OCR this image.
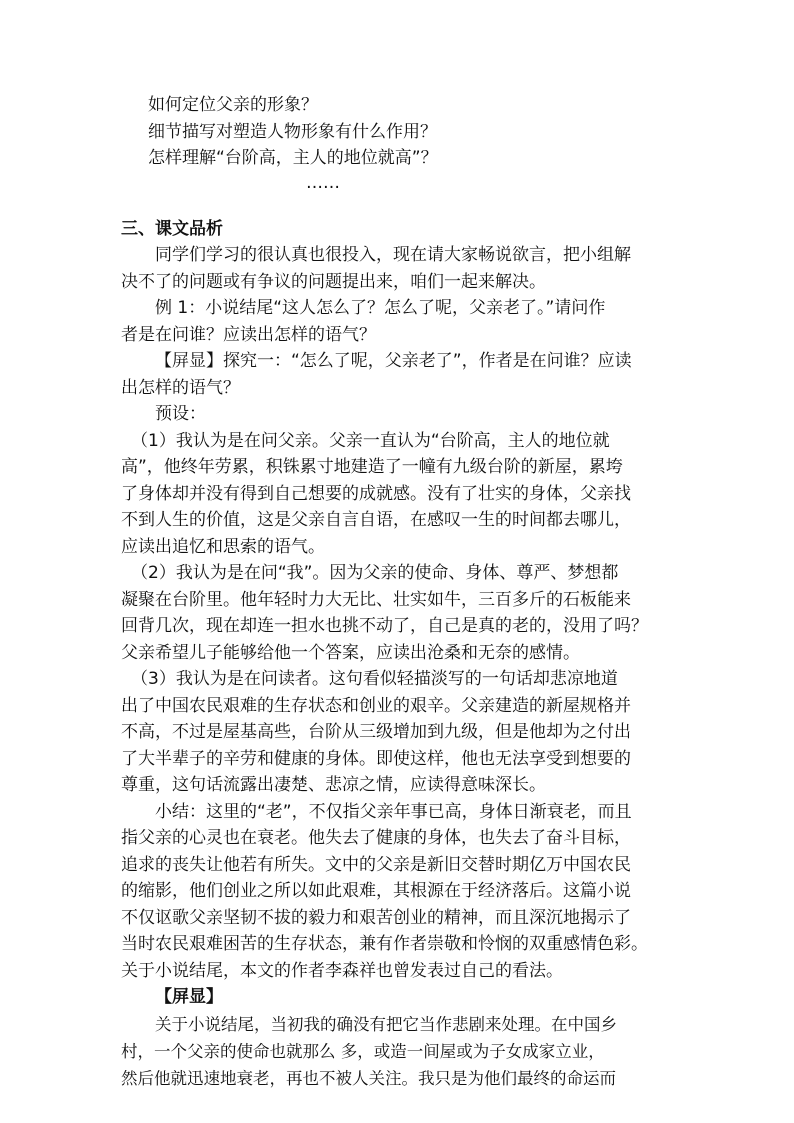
如何定位父亲的形象？

细节描写对塑造人物形象有什么作用？

怎样理解“台阶高，主人的地位就高”？

……

三、课文品析

同学们学习的很认真也很投入，现在请大家畅说欲言，把小组解

决不了的问题或有争议的问题提出来，咱们一起来解决。

例 1：小说结尾“这人怎么了？怎么了呢，父亲老了。”请问作

者是在问谁？应读出怎样的语气？

【屏显】探究一：“怎么了呢，父亲老了”，作者是在问谁？应读

出怎样的语气？

预设：

（1）我认为是在问父亲。父亲一直认为“台阶高，主人的地位就

高”，他终年劳累，积铢累寸地建造了一幢有九级台阶的新屋，累垮

了身体却并没有得到自己想要的成就感。没有了壮实的身体，父亲找

不到人生的价值，这是父亲自言自语，在感叹一生的时间都去哪儿，

应读出追忆和思索的语气。

（2）我认为是在问“我”。因为父亲的使命、身体、尊严、梦想都

凝聚在台阶里。他年轻时力大无比、壮实如牛，三百多斤的石板能来

回背几次，现在却连一担水也挑不动了，自己是真的老的，没用了吗？

父亲希望儿子能够给他一个答案，应读出沧桑和无奈的感情。

（3）我认为是在问读者。这句看似轻描淡写的一句话却悲凉地道

出了中国农民艰难的生存状态和创业的艰辛。父亲建造的新屋规格并

不高，不过是屋基高些，台阶从三级增加到九级，但是他却为之付出

了大半辈子的辛劳和健康的身体。即使这样，他也无法享受到想要的

尊重，这句话流露出凄楚、悲凉之情，应读得意味深长。

小结：这里的“老”，不仅指父亲年事已高，身体日渐衰老，而且

指父亲的心灵也在衰老。他失去了健康的身体，也失去了奋斗目标，

追求的丧失让他若有所失。文中的父亲是新旧交替时期亿万中国农民

的缩影，他们创业之所以如此艰难，其根源在于经济落后。这篇小说

不仅讴歌父亲坚韧不拔的毅力和艰苦创业的精神，而且深沉地揭示了

当时农民艰难困苦的生存状态，兼有作者崇敬和怜悯的双重感情色彩。

关于小说结尾，本文的作者李森祥也曾发表过自己的看法。

【屏显】

关于小说结尾，当初我的确没有把它当作悲剧来处理。在中国乡

村，一个父亲的使命也就那么 多，或造一间屋或为子女成家立业，

然后他就迅速地衰老，再也不被人关注。我只是为他们最终的命运而
